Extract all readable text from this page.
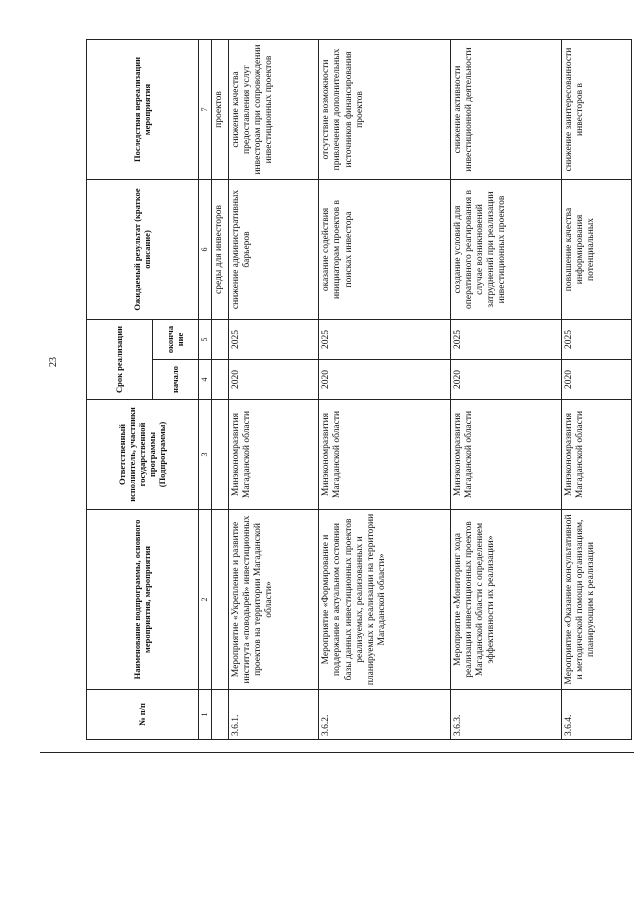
23
№ п/п	Наименование подпрограммы, основного мероприятия, мероприятия	Ответственный исполнитель, участники государственной программы (Подпрограммы)	Срок реализации		Ожидаемый результат (краткое описание)	Последствия нереализации мероприятия
			начало	оконча ние		
1	2	3	4	5	6	7
					среды для инвесторов	проектов
3.6.1.	Мероприятие «Укрепление и развитие института «поводырей» инвестиционных проектов на территории Магаданской области»	Минэкономразвития Магаданской области	2020	2025	снижение административных барьеров	снижение качества предоставления услуг инвесторам при сопровождении инвестиционных проектов
3.6.2.	Мероприятие «Формирование и поддержание в актуальном состоянии базы данных инвестиционных проектов реализуемых, реализованных и планируемых к реализации на территории Магаданской области»	Минэкономразвития Магаданской области	2020	2025	оказание содействия инициаторам проектов в поисках инвестора	отсутствие возможности привлечения дополнительных источников финансирования проектов
3.6.3.	Мероприятие «Мониторинг хода реализации инвестиционных проектов Магаданской области с определением эффективности их реализации»	Минэкономразвития Магаданской области	2020	2025	создание условий для оперативного реагирования в случае возникновений затруднений при реализации инвестиционных проектов	снижение активности инвестиционной деятельности
3.6.4.	Мероприятие «Оказание консультативной и методической помощи организациям, планирующим к реализации	Минэкономразвития Магаданской области	2020	2025	повышение качества информирования потенциальных	снижение заинтересованности инвесторов в
